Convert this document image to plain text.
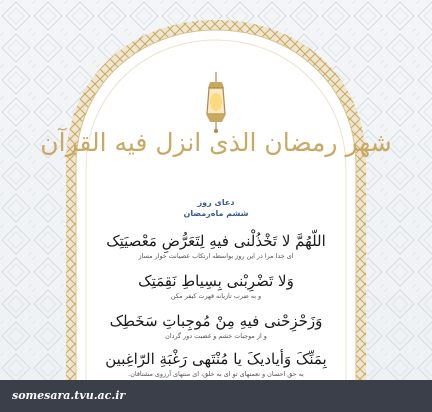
شهر رمضان الذی انزل فیه القرآن
دعای روز
ششم ماه‌رمضان
اللّهُمَّ لا تَخْذُلْنی فیهِ لِتَعَرُّضِ مَعْصیَتِک
ای خدا مرا در این روز بواسطه ارتکاب عصیانت خوار مساز
وَلا تَضْرِبْنی بِسِیاطِ نَقِمَتِک
و به ضرب تازیانه قهرت کیفر مکن
وَزَحْزِحْنی فیهِ مِنْ مُوجِباتِ سَخَطِک
و از موجبات خشم و غضبت دور گردان
بِمَنِّکَ وَأیادیکَ یا مُنْتَهی رَغْبَةِ الرّاغِبین
به حق احسان و نعمتهای تو ای به خلق، ای منتهای آرزوی مشتاقان.
somesara.tvu.ac.ir
